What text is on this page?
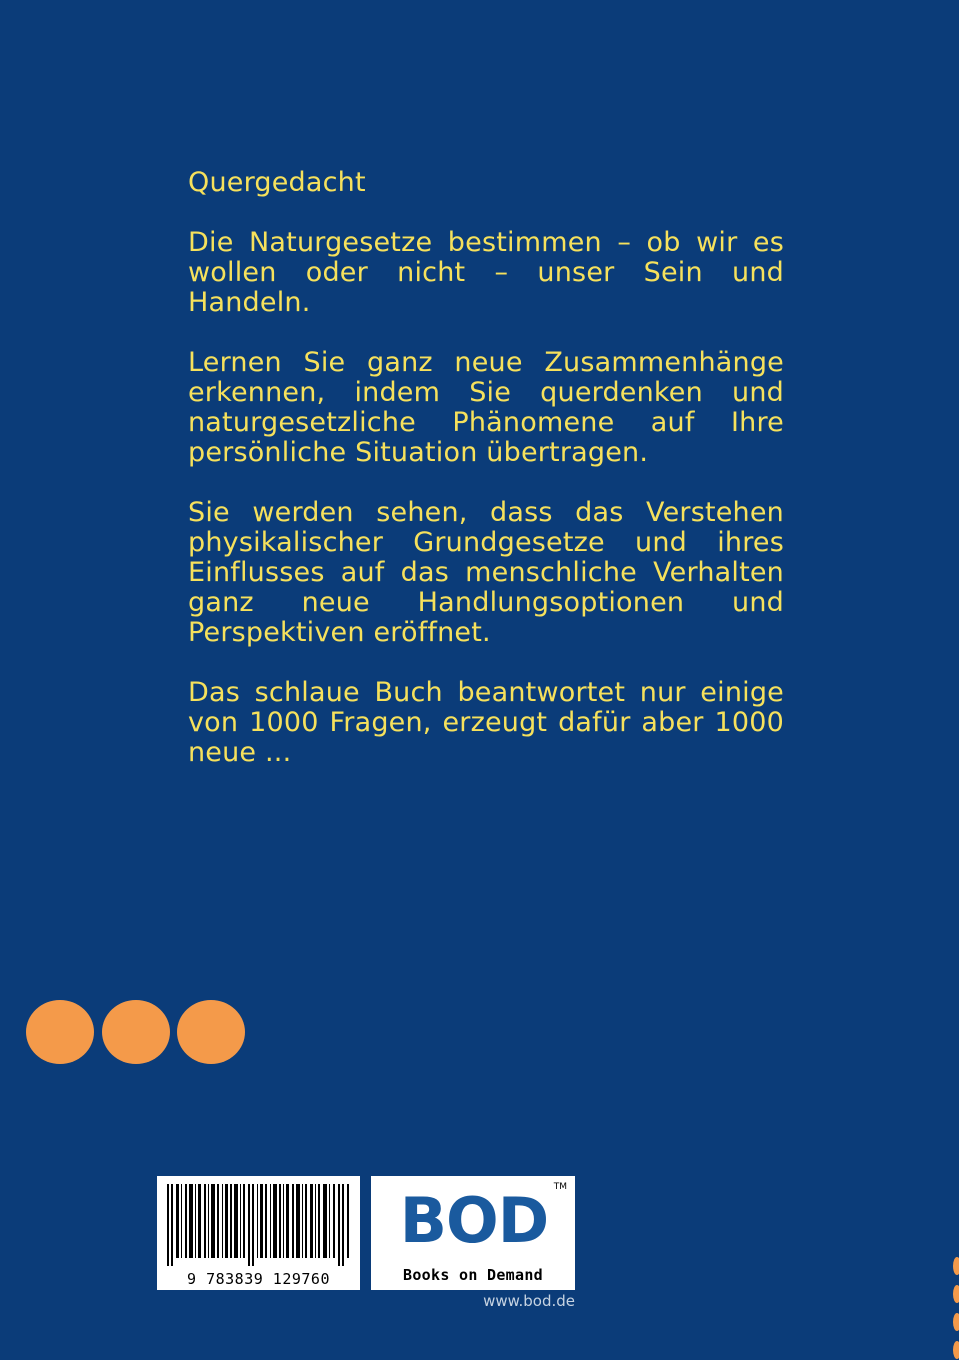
Quergedacht

Die Naturgesetze bestimmen – ob wir es wollen oder nicht – unser Sein und Handeln.

Lernen Sie ganz neue Zusammenhänge erkennen, indem Sie querdenken und naturgesetzliche Phänomene auf Ihre persönliche Situation übertragen.

Sie werden sehen, dass das Verstehen physikalischer Grundgesetze und ihres Einflusses auf das menschliche Verhalten ganz neue Handlungsoptionen und Perspektiven eröffnet.

Das schlaue Buch beantwortet nur einige von 1000 Fragen, erzeugt dafür aber 1000 neue ...

9 783839 129760
BOD TM
Books on Demand
www.bod.de
